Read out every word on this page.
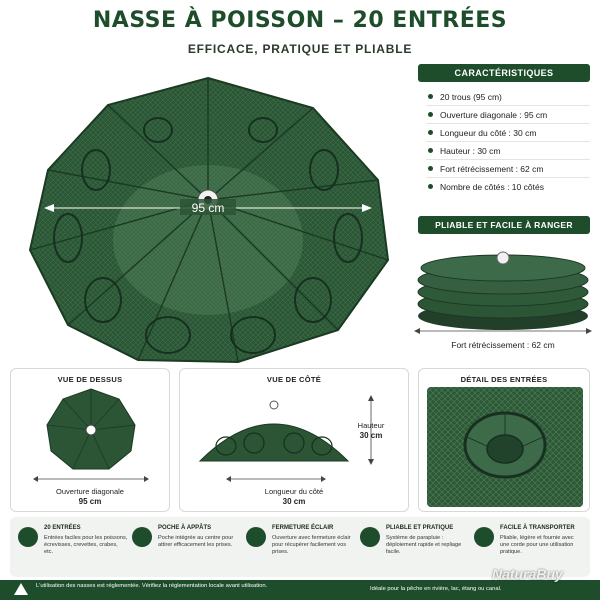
NASSE À POISSON – 20 ENTRÉES
EFFICACE, PRATIQUE ET PLIABLE
95 cm
CARACTÉRISTIQUES
20 trous (95 cm)
Ouverture diagonale : 95 cm
Longueur du côté : 30 cm
Hauteur : 30 cm
Fort rétrécissement : 62 cm
Nombre de côtés : 10 côtés
PLIABLE ET FACILE À RANGER
Fort rétrécissement : 62 cm
VUE DE DESSUS
Ouverture diagonale
95 cm
VUE DE CÔTÉ
Hauteur
30 cm
Longueur du côté
30 cm
DÉTAIL DES ENTRÉES
20 ENTRÉES
Entrées faciles pour les poissons, écrevisses, crevettes, crabes, etc.
POCHE À APPÂTS
Poche intégrée au centre pour attirer efficacement les prises.
FERMETURE ÉCLAIR
Ouverture avec fermeture éclair pour récupérer facilement vos prises.
PLIABLE ET PRATIQUE
Système de parapluie : déploiement rapide et repliage facile.
FACILE À TRANSPORTER
Pliable, légère et fournie avec une corde pour une utilisation pratique.
L'utilisation des nasses est réglementée. Vérifiez la réglementation locale avant utilisation.	Idéale pour la pêche en rivière, lac, étang ou canal.
NaturaBuy
